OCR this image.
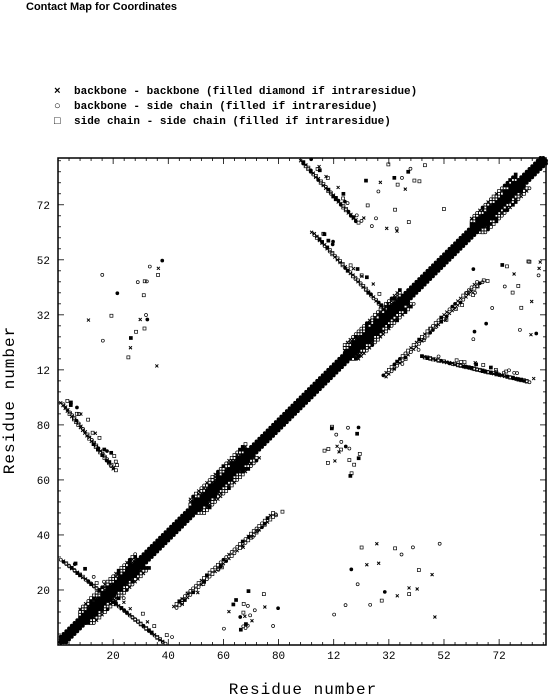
Contact Map for Coordinates
× backbone - backbone (filled diamond if intraresidue)
○ backbone - side chain (filled if intraresidue)
□ side chain - side chain (filled if intraresidue)
20	40	60	80	12	32	52	72
72
52
32
12
80
60
40
20
Residue number
Residue number
